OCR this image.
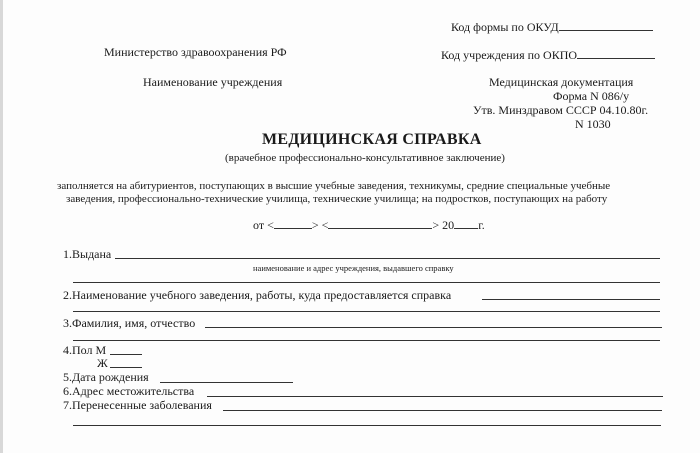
Код формы по ОКУД
Код учреждения по ОКПО
Министерство здравоохранения РФ
Наименование учреждения	Медицинская документация
Форма N 086/у
Утв. Минздравом СССР 04.10.80г.
N 1030
МЕДИЦИНСКАЯ СПРАВКА
(врачебное профессионально-консультативное заключение)
заполняется на абитуриентов, поступающих в высшие учебные заведения, техникумы, средние специальные учебные
заведения, профессионально-технические училища, технические училища; на подростков, поступающих на работу
от <	> <	> 20 г.
1.Выдана
наименование и адрес учреждения, выдавшего справку
2.Наименование учебного заведения, работы, куда предоставляется справка
3.Фамилия, имя, отчество
4.Пол М
Ж
5.Дата рождения
6.Адрес местожительства
7.Перенесенные заболевания
